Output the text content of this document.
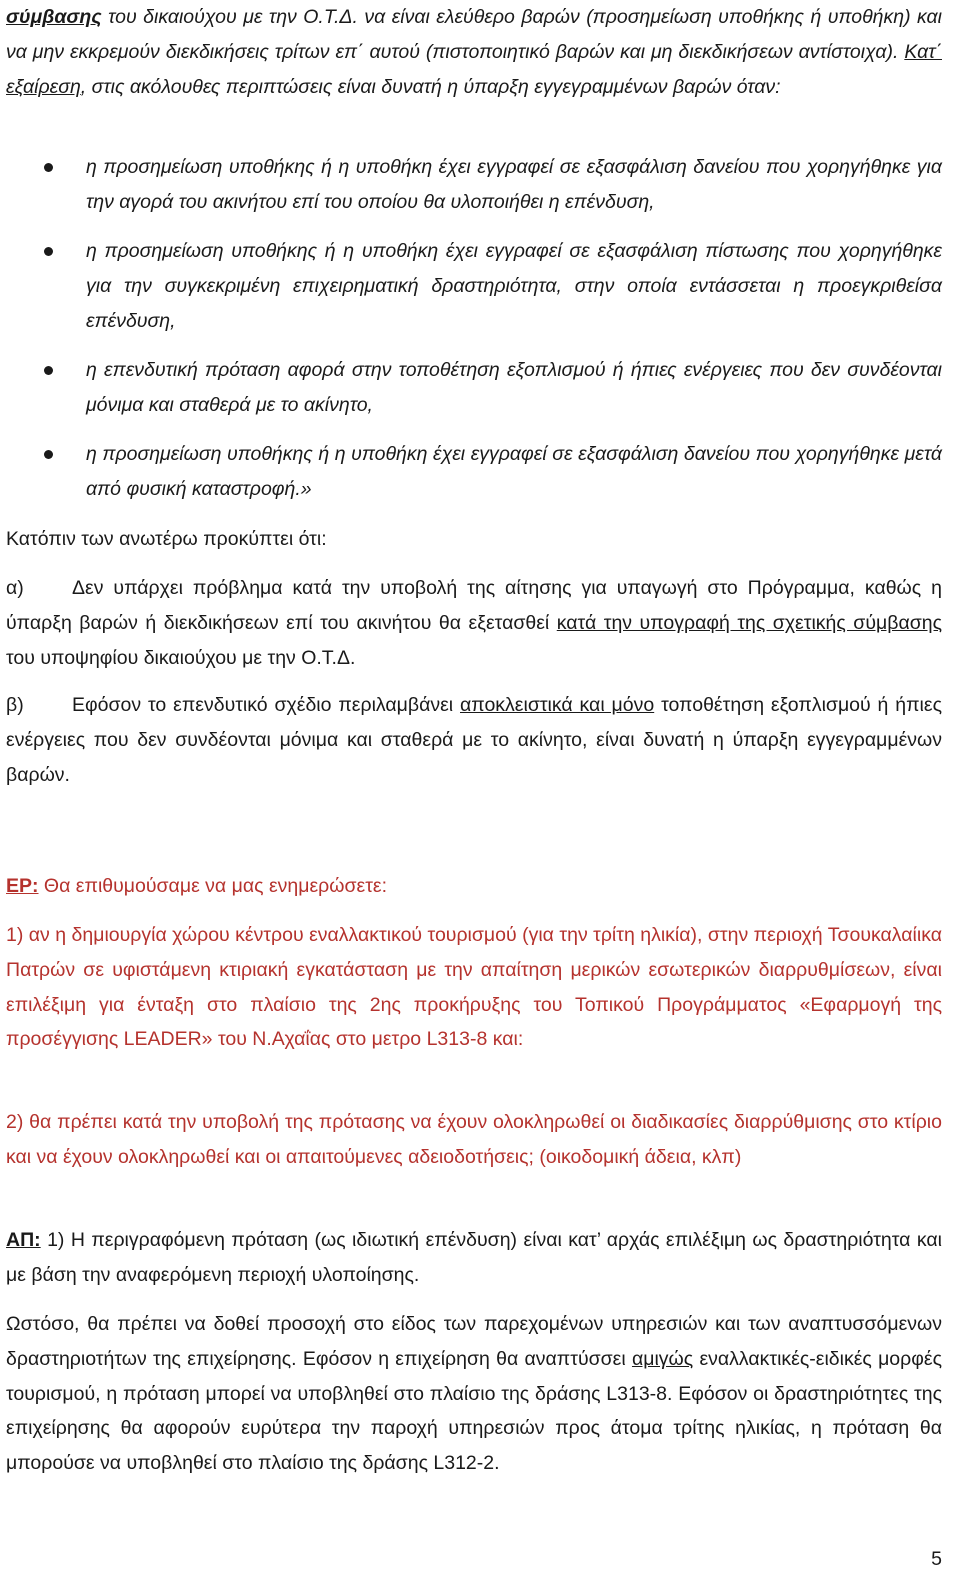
σύμβασης του δικαιούχου με την Ο.Τ.Δ. να είναι ελεύθερο βαρών (προσημείωση υποθήκης ή υποθήκη) και να μην εκκρεμούν διεκδικήσεις τρίτων επ΄ αυτού (πιστοποιητικό βαρών και μη διεκδικήσεων αντίστοιχα). Κατ΄ εξαίρεση, στις ακόλουθες περιπτώσεις είναι δυνατή η ύπαρξη εγγεγραμμένων βαρών όταν:

η προσημείωση υποθήκης ή η υποθήκη έχει εγγραφεί σε εξασφάλιση δανείου που χορηγήθηκε για την αγορά του ακινήτου επί του οποίου θα υλοποιήθει η επένδυση,
η προσημείωση υποθήκης ή η υποθήκη έχει εγγραφεί σε εξασφάλιση πίστωσης που χορηγήθηκε για την συγκεκριμένη επιχειρηματική δραστηριότητα, στην οποία εντάσσεται η προεγκριθείσα επένδυση,
η επενδυτική πρόταση αφορά στην τοποθέτηση εξοπλισμού ή ήπιες ενέργειες που δεν συνδέονται μόνιμα και σταθερά με το ακίνητο,
η προσημείωση υποθήκης ή η υποθήκη έχει εγγραφεί σε εξασφάλιση δανείου που χορηγήθηκε μετά από φυσική καταστροφή.»

Κατόπιν των ανωτέρω προκύπτει ότι:

α) Δεν υπάρχει πρόβλημα κατά την υποβολή της αίτησης για υπαγωγή στο Πρόγραμμα, καθώς η ύπαρξη βαρών ή διεκδικήσεων επί του ακινήτου θα εξετασθεί κατά την υπογραφή της σχετικής σύμβασης του υποψηφίου δικαιούχου με την Ο.Τ.Δ.

β) Εφόσον το επενδυτικό σχέδιο περιλαμβάνει αποκλειστικά και μόνο τοποθέτηση εξοπλισμού ή ήπιες ενέργειες που δεν συνδέονται μόνιμα και σταθερά με το ακίνητο, είναι δυνατή η ύπαρξη εγγεγραμμένων βαρών.

ΕΡ: Θα επιθυμούσαμε να μας ενημερώσετε:

1) αν η δημιουργία χώρου κέντρου εναλλακτικού τουρισμού (για την τρίτη ηλικία), στην περιοχή Τσουκαλαίικα Πατρών σε υφιστάμενη κτιριακή εγκατάσταση με την απαίτηση μερικών εσωτερικών διαρρυθμίσεων, είναι επιλέξιμη για ένταξη στο πλαίσιο της 2ης προκήρυξης του Τοπικού Προγράμματος «Εφαρμογή της προσέγγισης LEADER» του Ν.Αχαΐας στο μετρο L313-8 και:

2) θα πρέπει κατά την υποβολή της πρότασης να έχουν ολοκληρωθεί οι διαδικασίες διαρρύθμισης στο κτίριο και να έχουν ολοκληρωθεί και οι απαιτούμενες αδειοδοτήσεις; (οικοδομική άδεια, κλπ)

ΑΠ: 1) Η περιγραφόμενη πρόταση (ως ιδιωτική επένδυση) είναι κατ’ αρχάς επιλέξιμη ως δραστηριότητα και με βάση την αναφερόμενη περιοχή υλοποίησης.

Ωστόσο, θα πρέπει να δοθεί προσοχή στο είδος των παρεχομένων υπηρεσιών και των αναπτυσσόμενων δραστηριοτήτων της επιχείρησης. Εφόσον η επιχείρηση θα αναπτύσσει αμιγώς εναλλακτικές-ειδικές μορφές τουρισμού, η πρόταση μπορεί να υποβληθεί στο πλαίσιο της δράσης L313-8. Εφόσον οι δραστηριότητες της επιχείρησης θα αφορούν ευρύτερα την παροχή υπηρεσιών προς άτομα τρίτης ηλικίας, η πρόταση θα μπορούσε να υποβληθεί στο πλαίσιο της δράσης L312-2.

5
